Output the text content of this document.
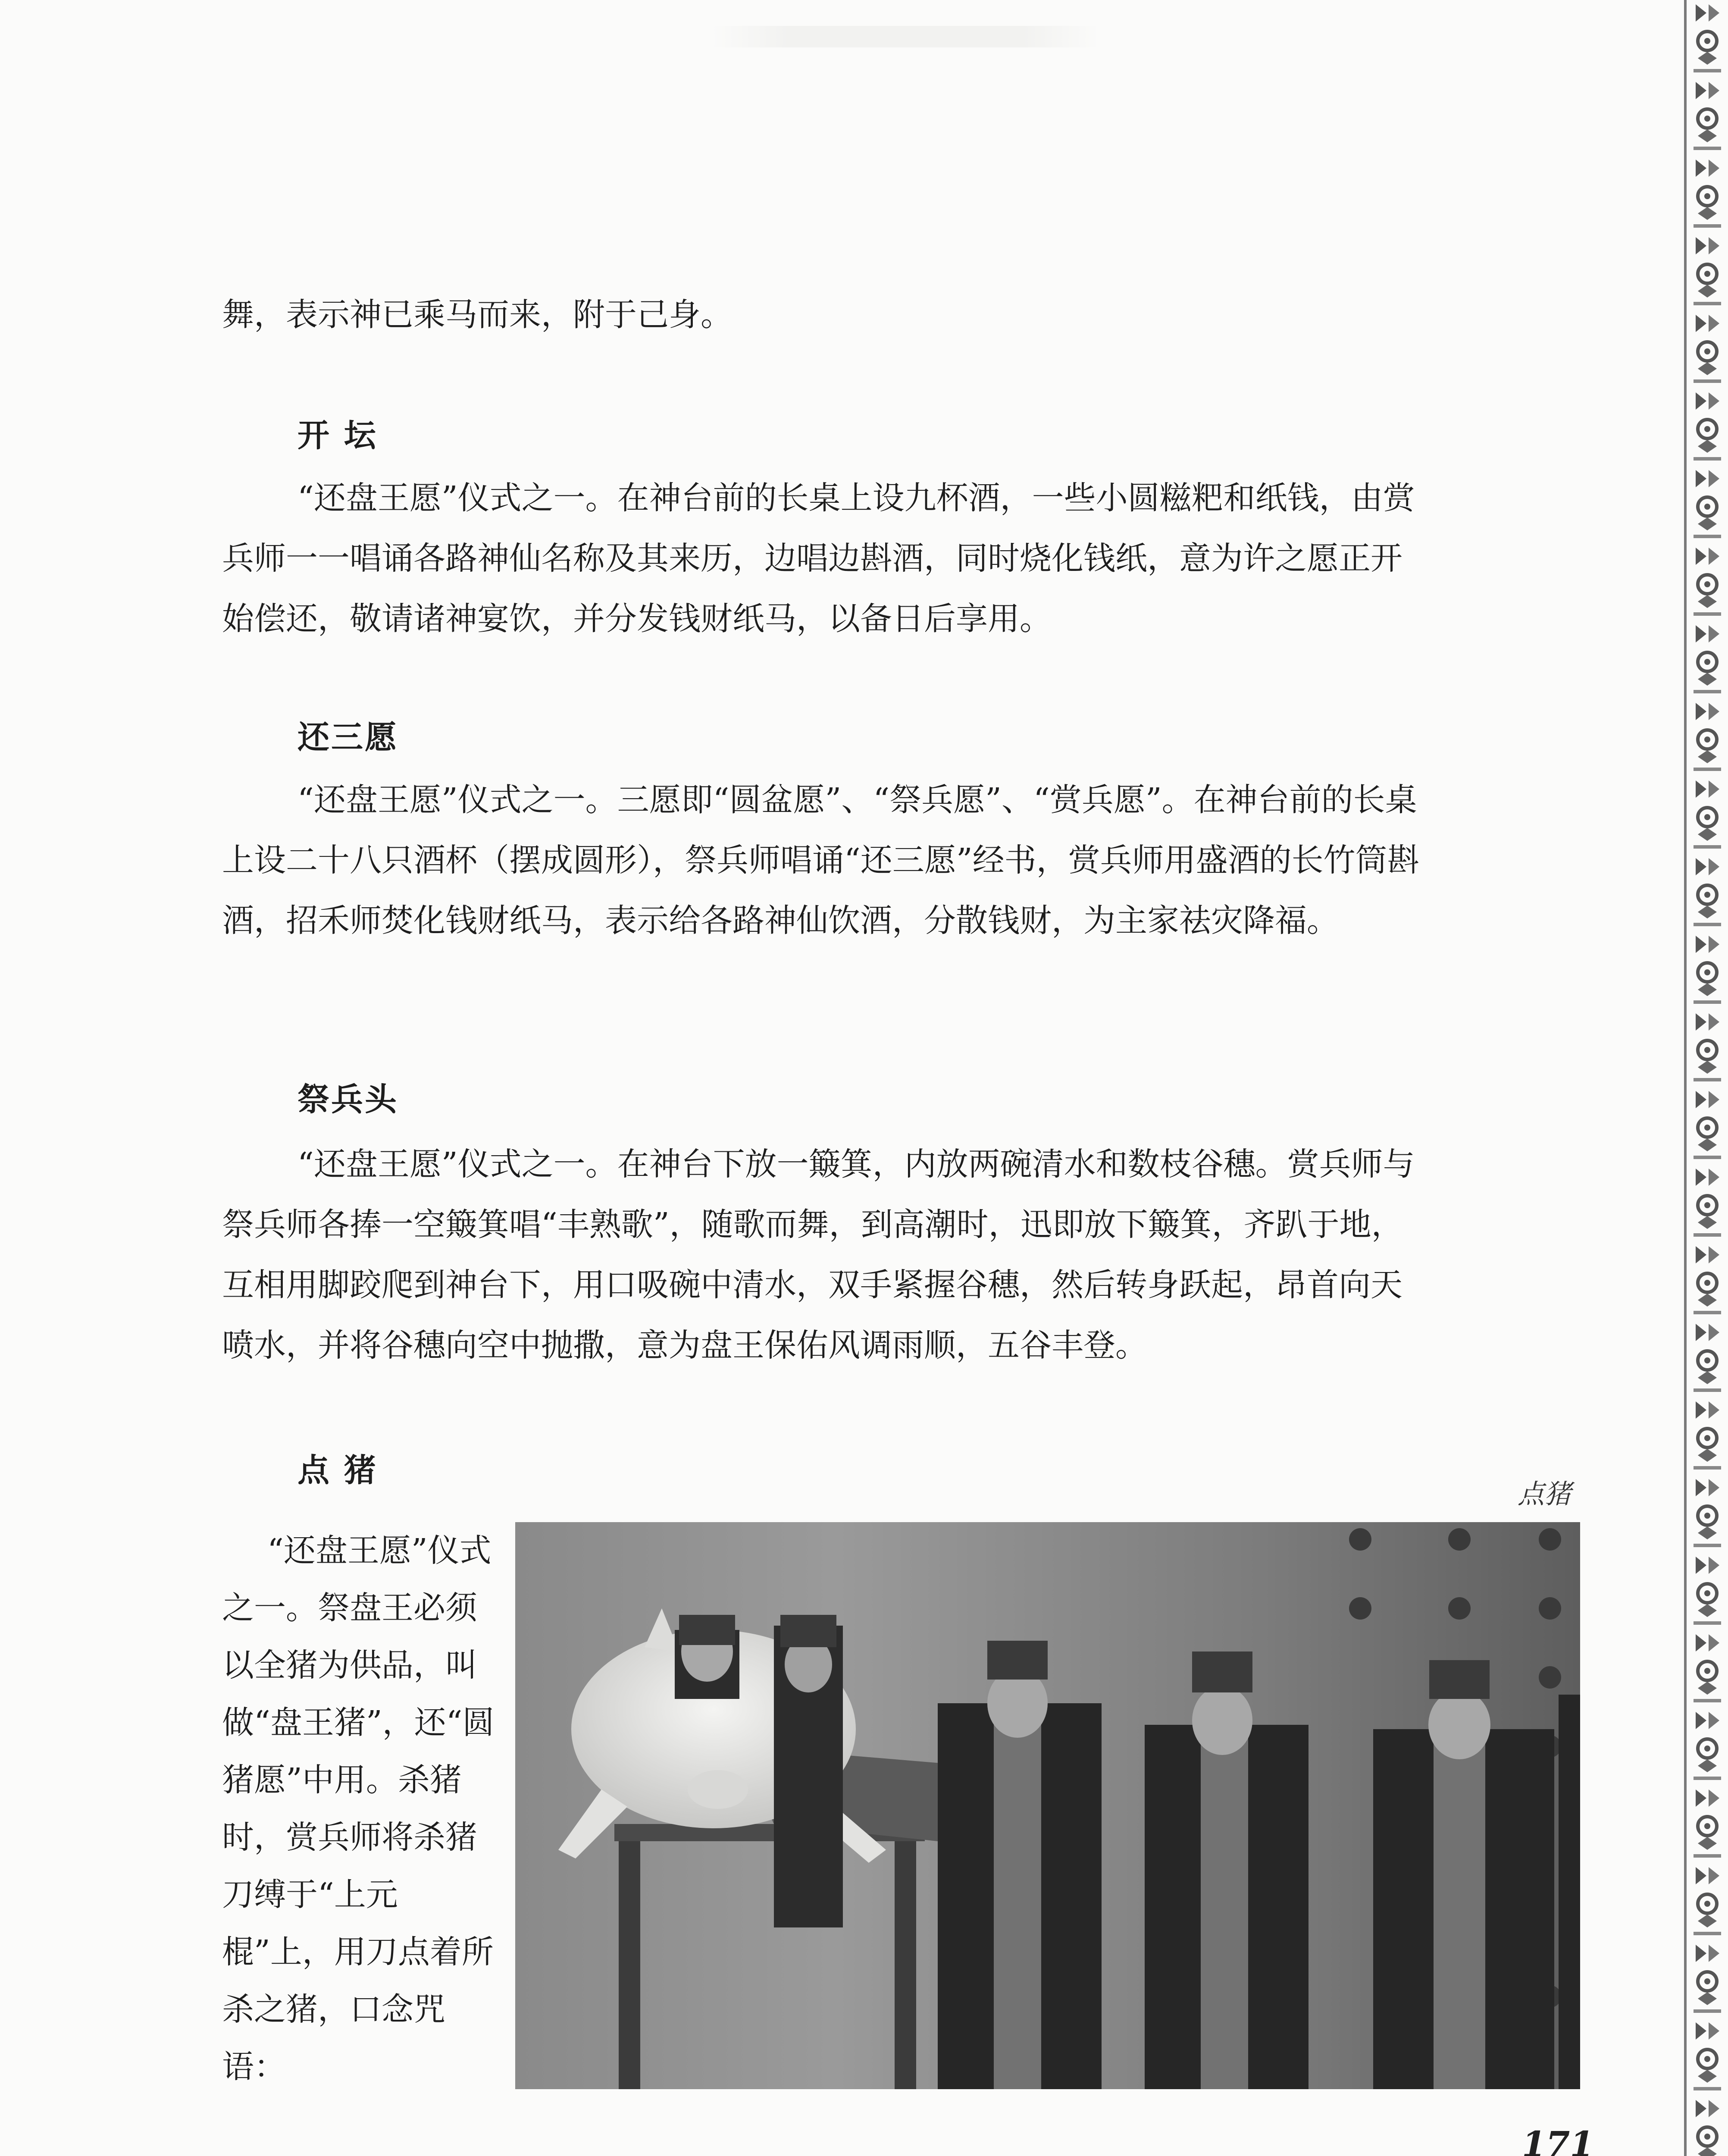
舞，表示神已乘马而来，附于己身。

开 坛

“还盘王愿”仪式之一。在神台前的长桌上设九杯酒，一些小圆糍粑和纸钱，由赏兵师一一唱诵各路神仙名称及其来历，边唱边斟酒，同时烧化钱纸，意为许之愿正开始偿还，敬请诸神宴饮，并分发钱财纸马，以备日后享用。

还三愿

“还盘王愿”仪式之一。三愿即“圆盆愿”、“祭兵愿”、“赏兵愿”。在神台前的长桌上设二十八只酒杯（摆成圆形），祭兵师唱诵“还三愿”经书，赏兵师用盛酒的长竹筒斟酒，招禾师焚化钱财纸马，表示给各路神仙饮酒，分散钱财，为主家祛灾降福。

祭兵头

“还盘王愿”仪式之一。在神台下放一簸箕，内放两碗清水和数枝谷穗。赏兵师与祭兵师各捧一空簸箕唱“丰熟歌”，随歌而舞，到高潮时，迅即放下簸箕，齐趴于地，互相用脚跤爬到神台下，用口吸碗中清水，双手紧握谷穗，然后转身跃起，昂首向天喷水，并将谷穗向空中抛撒，意为盘王保佑风调雨顺，五谷丰登。

点 猪

“还盘王愿”仪式之一。祭盘王必须以全猪为供品，叫做“盘王猪”，还“圆猪愿”中用。杀猪时，赏兵师将杀猪刀缚于“上元棍”上，用刀点着所杀之猪，口念咒语：

点猪
171
